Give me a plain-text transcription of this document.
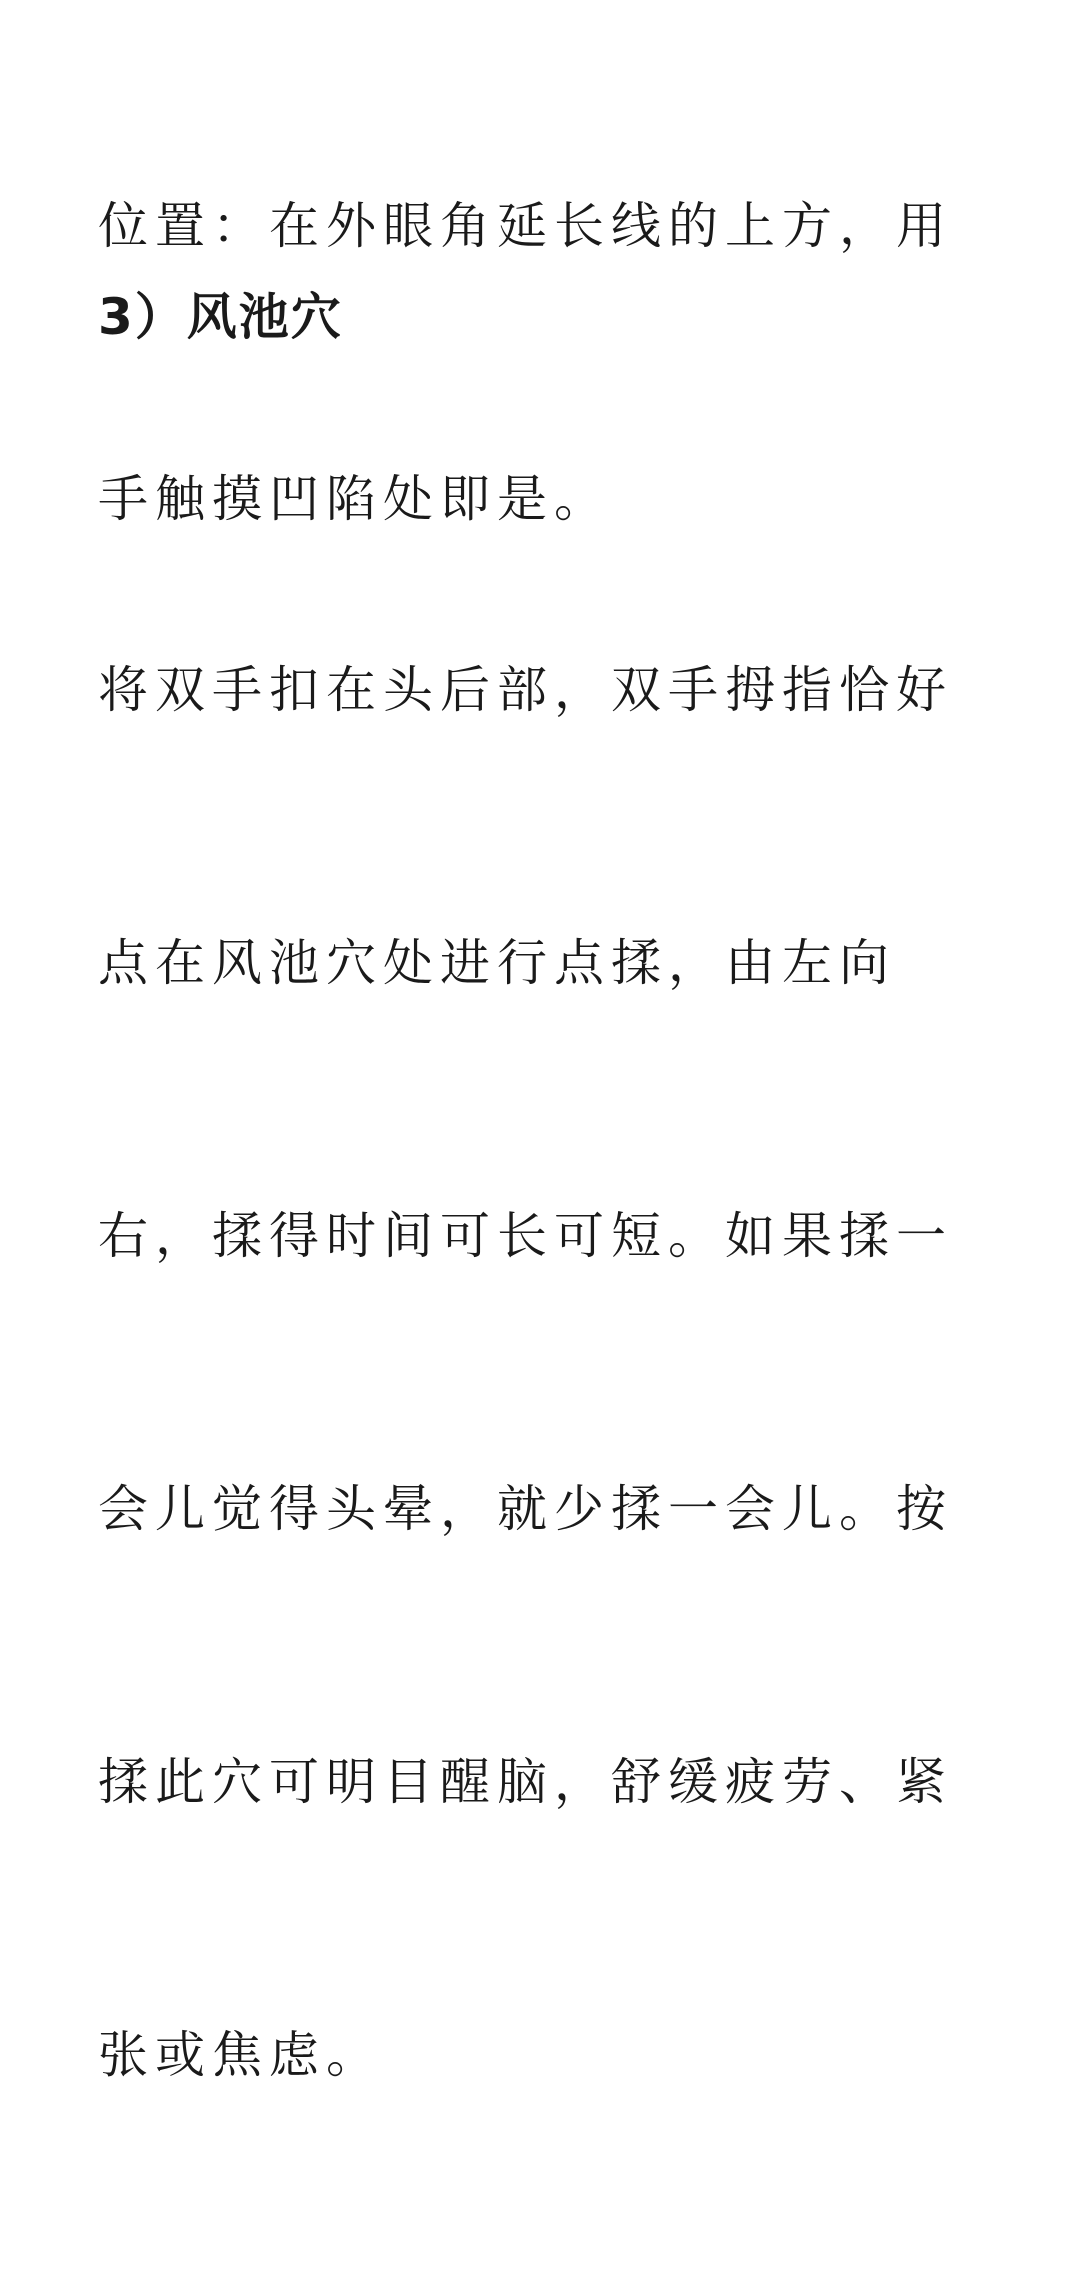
位置：在外眼角延长线的上方，用

手触摸凹陷处即是。

3）风池穴

将双手扣在头后部，双手拇指恰好

点在风池穴处进行点揉，由左向

右，揉得时间可长可短。如果揉一

会儿觉得头晕，就少揉一会儿。按

揉此穴可明目醒脑，舒缓疲劳、紧

张或焦虑。
